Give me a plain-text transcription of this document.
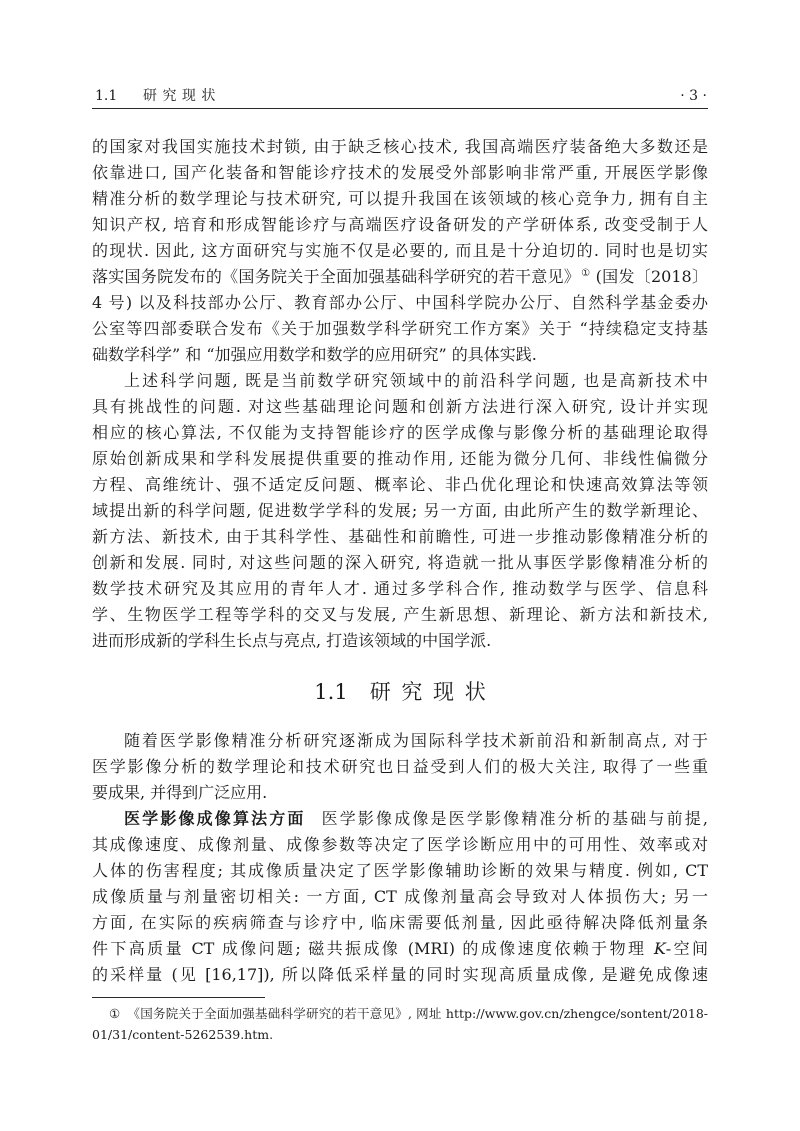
1.1 研 究 现 状	· 3 ·
的国家对我国实施技术封锁, 由于缺乏核心技术, 我国高端医疗装备绝大多数还是
依靠进口, 国产化装备和智能诊疗技术的发展受外部影响非常严重, 开展医学影像
精准分析的数学理论与技术研究, 可以提升我国在该领域的核心竞争力, 拥有自主
知识产权, 培育和形成智能诊疗与高端医疗设备研发的产学研体系, 改变受制于人
的现状. 因此, 这方面研究与实施不仅是必要的, 而且是十分迫切的. 同时也是切实
落实国务院发布的《国务院关于全面加强基础科学研究的若干意见》① (国发〔2018〕
4 号) 以及科技部办公厅、教育部办公厅、中国科学院办公厅、自然科学基金委办
公室等四部委联合发布《关于加强数学科学研究工作方案》关于 “持续稳定支持基
础数学科学” 和 “加强应用数学和数学的应用研究” 的具体实践.
上述科学问题, 既是当前数学研究领域中的前沿科学问题, 也是高新技术中
具有挑战性的问题. 对这些基础理论问题和创新方法进行深入研究, 设计并实现
相应的核心算法, 不仅能为支持智能诊疗的医学成像与影像分析的基础理论取得
原始创新成果和学科发展提供重要的推动作用, 还能为微分几何、非线性偏微分
方程、高维统计、强不适定反问题、概率论、非凸优化理论和快速高效算法等领
域提出新的科学问题, 促进数学学科的发展; 另一方面, 由此所产生的数学新理论、
新方法、新技术, 由于其科学性、基础性和前瞻性, 可进一步推动影像精准分析的
创新和发展. 同时, 对这些问题的深入研究, 将造就一批从事医学影像精准分析的
数学技术研究及其应用的青年人才. 通过多学科合作, 推动数学与医学、信息科
学、生物医学工程等学科的交叉与发展, 产生新思想、新理论、新方法和新技术,
进而形成新的学科生长点与亮点, 打造该领域的中国学派.
1.1 研 究 现 状
随着医学影像精准分析研究逐渐成为国际科学技术新前沿和新制高点, 对于
医学影像分析的数学理论和技术研究也日益受到人们的极大关注, 取得了一些重
要成果, 并得到广泛应用.
医学影像成像算法方面 医学影像成像是医学影像精准分析的基础与前提,
其成像速度、成像剂量、成像参数等决定了医学诊断应用中的可用性、效率或对
人体的伤害程度; 其成像质量决定了医学影像辅助诊断的效果与精度. 例如, CT
成像质量与剂量密切相关: 一方面, CT 成像剂量高会导致对人体损伤大; 另一
方面, 在实际的疾病筛查与诊疗中, 临床需要低剂量, 因此亟待解决降低剂量条
件下高质量 CT 成像问题; 磁共振成像 (MRI) 的成像速度依赖于物理 K-空间
的采样量 (见 [16,17]), 所以降低采样量的同时实现高质量成像, 是避免成像速
① 《国务院关于全面加强基础科学研究的若干意见》, 网址 http://www.gov.cn/zhengce/sontent/2018-
01/31/content-5262539.htm.
